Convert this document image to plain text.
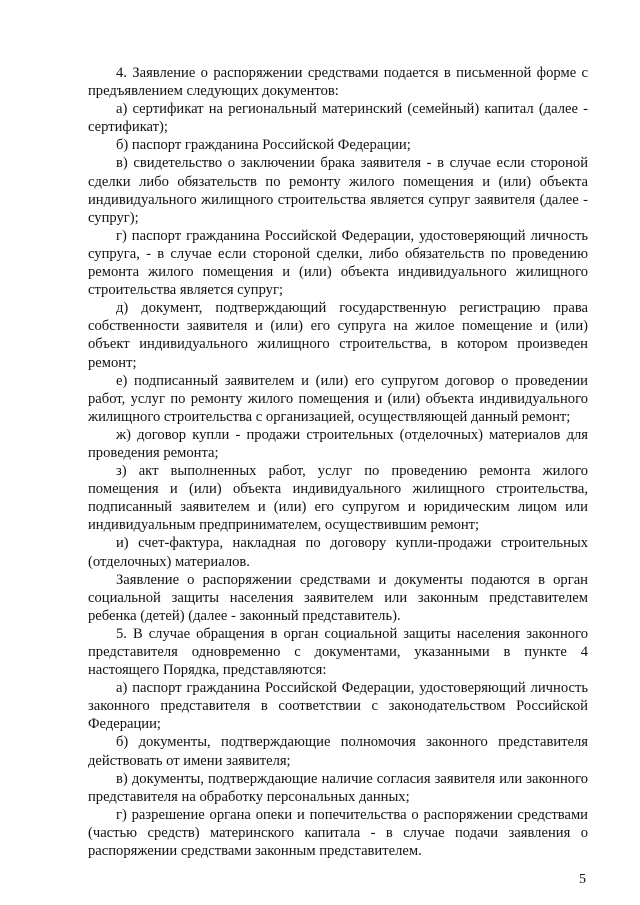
4. Заявление о распоряжении средствами подается в письменной форме с предъявлением следующих документов:

а) сертификат на региональный материнский (семейный) капитал (далее - сертификат);

б) паспорт гражданина Российской Федерации;

в) свидетельство о заключении брака заявителя - в случае если стороной сделки либо обязательств по ремонту жилого помещения и (или) объекта индивидуального жилищного строительства является супруг заявителя (далее - супруг);

г) паспорт гражданина Российской Федерации, удостоверяющий личность супруга, - в случае если стороной сделки, либо обязательств по проведению ремонта жилого помещения и (или) объекта индивидуального жилищного строительства является супруг;

д) документ, подтверждающий государственную регистрацию права собственности заявителя и (или) его супруга на жилое помещение и (или) объект индивидуального жилищного строительства, в котором произведен ремонт;

е) подписанный заявителем и (или) его супругом договор о проведении работ, услуг по ремонту жилого помещения и (или) объекта индивидуального жилищного строительства с организацией, осуществляющей данный ремонт;

ж) договор купли - продажи строительных (отделочных) материалов для проведения ремонта;

з) акт выполненных работ, услуг по проведению ремонта жилого помещения и (или) объекта индивидуального жилищного строительства, подписанный заявителем и (или) его супругом и юридическим лицом или индивидуальным предпринимателем, осуществившим ремонт;

и) счет-фактура, накладная по договору купли-продажи строительных (отделочных) материалов.

Заявление о распоряжении средствами и документы подаются в орган социальной защиты населения заявителем или законным представителем ребенка (детей) (далее - законный представитель).

5. В случае обращения в орган социальной защиты населения законного представителя одновременно с документами, указанными в пункте 4 настоящего Порядка, представляются:

а) паспорт гражданина Российской Федерации, удостоверяющий личность законного представителя в соответствии с законодательством Российской Федерации;

б) документы, подтверждающие полномочия законного представителя действовать от имени заявителя;

в) документы, подтверждающие наличие согласия заявителя или законного представителя на обработку персональных данных;

г) разрешение органа опеки и попечительства о распоряжении средствами (частью средств) материнского капитала - в случае подачи заявления о распоряжении средствами законным представителем.

5
